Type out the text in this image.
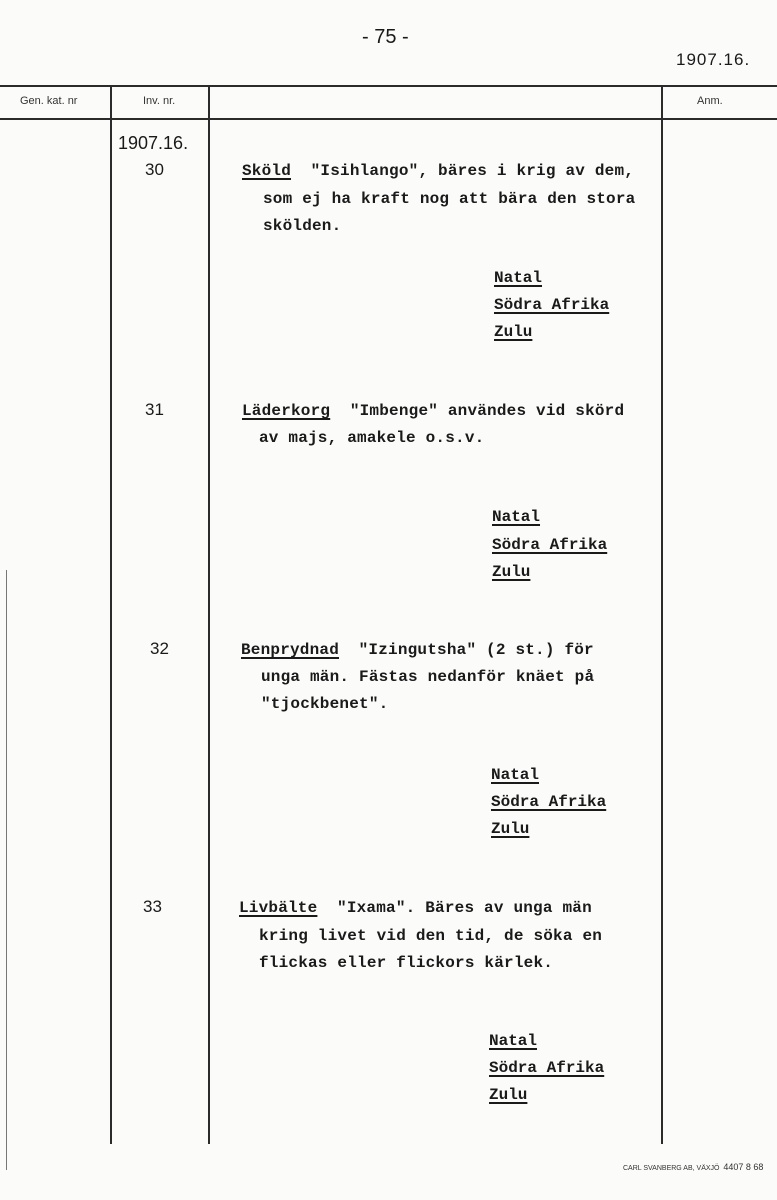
- 75 -
1907.16.
Gen. kat. nr	Inv. nr.	Anm.
1907.16.
30	Sköld "Isihlango", bäres i krig av dem,
som ej ha kraft nog att bära den stora
skölden.
Natal
Södra Afrika
Zulu
31	Läderkorg "Imbenge" användes vid skörd
av majs, amakele o.s.v.
Natal
Södra Afrika
Zulu
32	Benprydnad "Izingutsha" (2 st.) för
unga män. Fästas nedanför knäet på
"tjockbenet".
Natal
Södra Afrika
Zulu
33	Livbälte "Ixama". Bäres av unga män
kring livet vid den tid, de söka en
flickas eller flickors kärlek.
Natal
Södra Afrika
Zulu
CARL SVANBERG AB, VÄXJÖ 4407 8 68
